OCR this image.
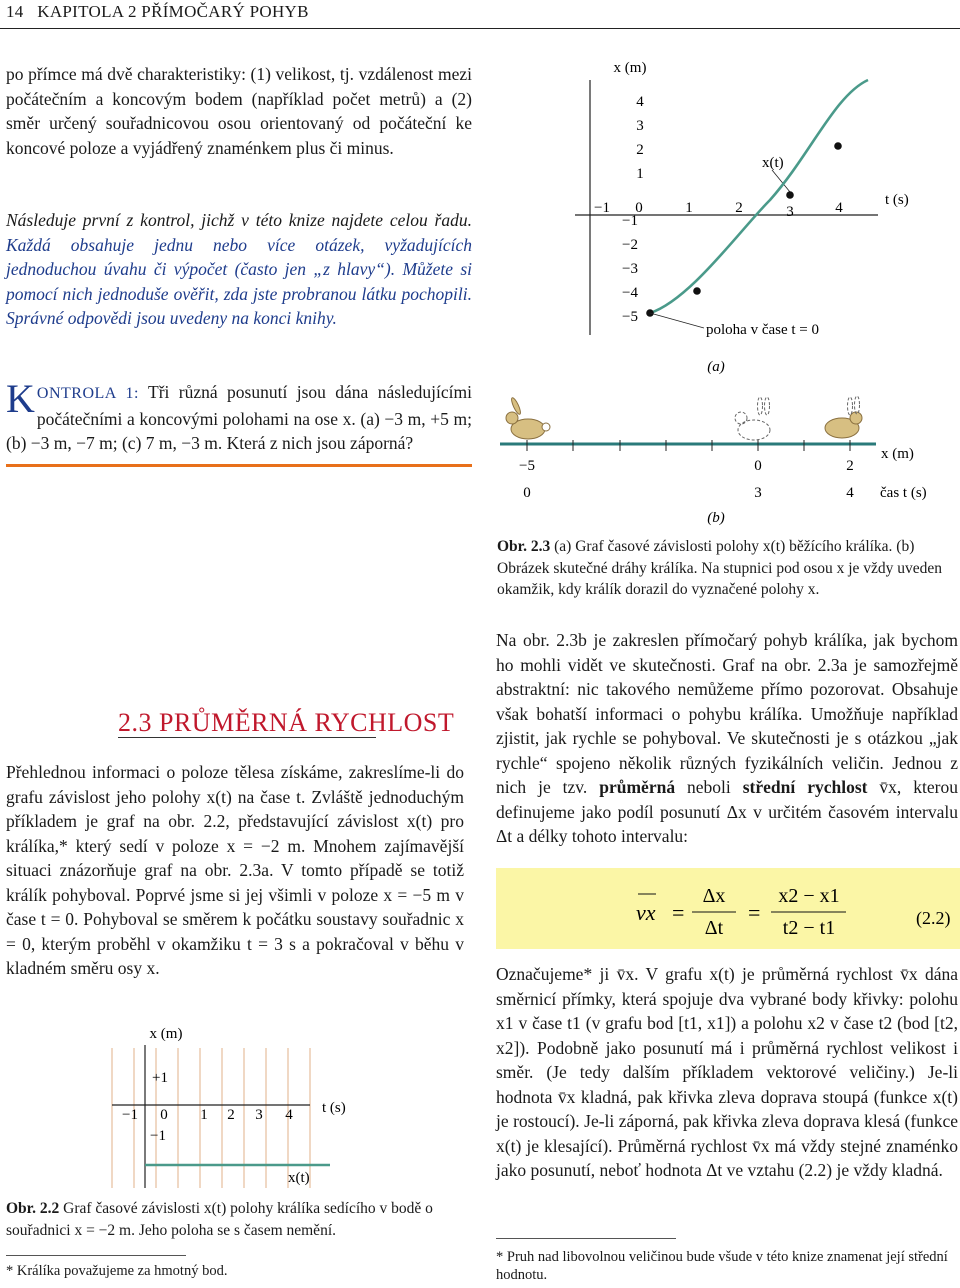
14 KAPITOLA 2 PŘÍMOČARÝ POHYB

po přímce má dvě charakteristiky: (1) velikost, tj. vzdálenost mezi počátečním a koncovým bodem (například počet metrů) a (2) směr určený souřadnicovou osou orientovaný od počáteční ke koncové poloze a vyjádřený znaménkem plus či minus.

Následuje první z kontrol, jichž v této knize najdete celou řadu. Každá obsahuje jednu nebo více otázek, vyžadujících jednoduchou úvahu či výpočet (často jen „z hlavy“). Můžete si pomocí nich jednoduše ověřit, zda jste probranou látku pochopili. Správné odpovědi jsou uvedeny na konci knihy.

KONTROLA 1: Tři různá posunutí jsou dána následujícími počátečními a koncovými polohami na ose x. (a) −3 m, +5 m; (b) −3 m, −7 m; (c) 7 m, −3 m. Která z nich jsou záporná?
x (m)
t (s)
x(t)
4
3
2
1
−1
−2
−3
−4
−5
−1 0	1	2	3	4
poloha v čase t = 0
(a)
−5	0	2
x (m)
0	3	4 čas t (s)
(b)
Obr. 2.3 (a) Graf časové závislosti polohy x(t) běžícího králíka. (b) Obrázek skutečné dráhy králíka. Na stupnici pod osou x je vždy uveden okamžik, kdy králík dorazil do vyznačené polohy x.
2.3 PRŮMĚRNÁ RYCHLOST

Přehlednou informaci o poloze tělesa získáme, zakreslíme-li do grafu závislost jeho polohy x(t) na čase t. Zvláště jednoduchým příkladem je graf na obr. 2.2, představující závislost x(t) pro králíka,* který sedí v poloze x = −2 m. Mnohem zajímavější situaci znázorňuje graf na obr. 2.3a. V tomto případě se totiž králík pohyboval. Poprvé jsme si jej všimli v poloze x = −5 m v čase t = 0. Pohyboval se směrem k počátku soustavy souřadnic x = 0, kterým proběhl v okamžiku t = 3 s a pokračoval v běhu v kladném směru osy x.

x (m)
t (s)
+1
−1
−1 0 1 2 3 4
x(t)
Obr. 2.2 Graf časové závislosti x(t) polohy králíka sedícího v bodě o souřadnici x = −2 m. Jeho poloha se s časem nemění.
* Králíka považujeme za hmotný bod.

Na obr. 2.3b je zakreslen přímočarý pohyb králíka, jak bychom ho mohli vidět ve skutečnosti. Graf na obr. 2.3a je samozřejmě abstraktní: nic takového nemůžeme přímo pozorovat. Obsahuje však bohatší informaci o pohybu králíka. Umožňuje například zjistit, jak rychle se pohyboval. Ve skutečnosti je s otázkou „jak rychle“ spojeno několik různých fyzikálních veličin. Jednou z nich je tzv. průměrná neboli střední rychlost v̄x, kterou definujeme jako podíl posunutí Δx v určitém časovém intervalu Δt a délky tohoto intervalu:

vx =
Δx
Δt
=
x2 − x1
t2 − t1	(2.2)

Označujeme* ji v̄x. V grafu x(t) je průměrná rychlost v̄x dána směrnicí přímky, která spojuje dva vybrané body křivky: polohu x1 v čase t1 (v grafu bod [t1, x1]) a polohu x2 v čase t2 (bod [t2, x2]). Podobně jako posunutí má i průměrná rychlost velikost i směr. (Je tedy dalším příkladem vektorové veličiny.) Je-li hodnota v̄x kladná, pak křivka zleva doprava stoupá (funkce x(t) je rostoucí). Je-li záporná, pak křivka zleva doprava klesá (funkce x(t) je klesající). Průměrná rychlost v̄x má vždy stejné znaménko jako posunutí, neboť hodnota Δt ve vztahu (2.2) je vždy kladná.

* Pruh nad libovolnou veličinou bude všude v této knize znamenat její střední hodnotu.
